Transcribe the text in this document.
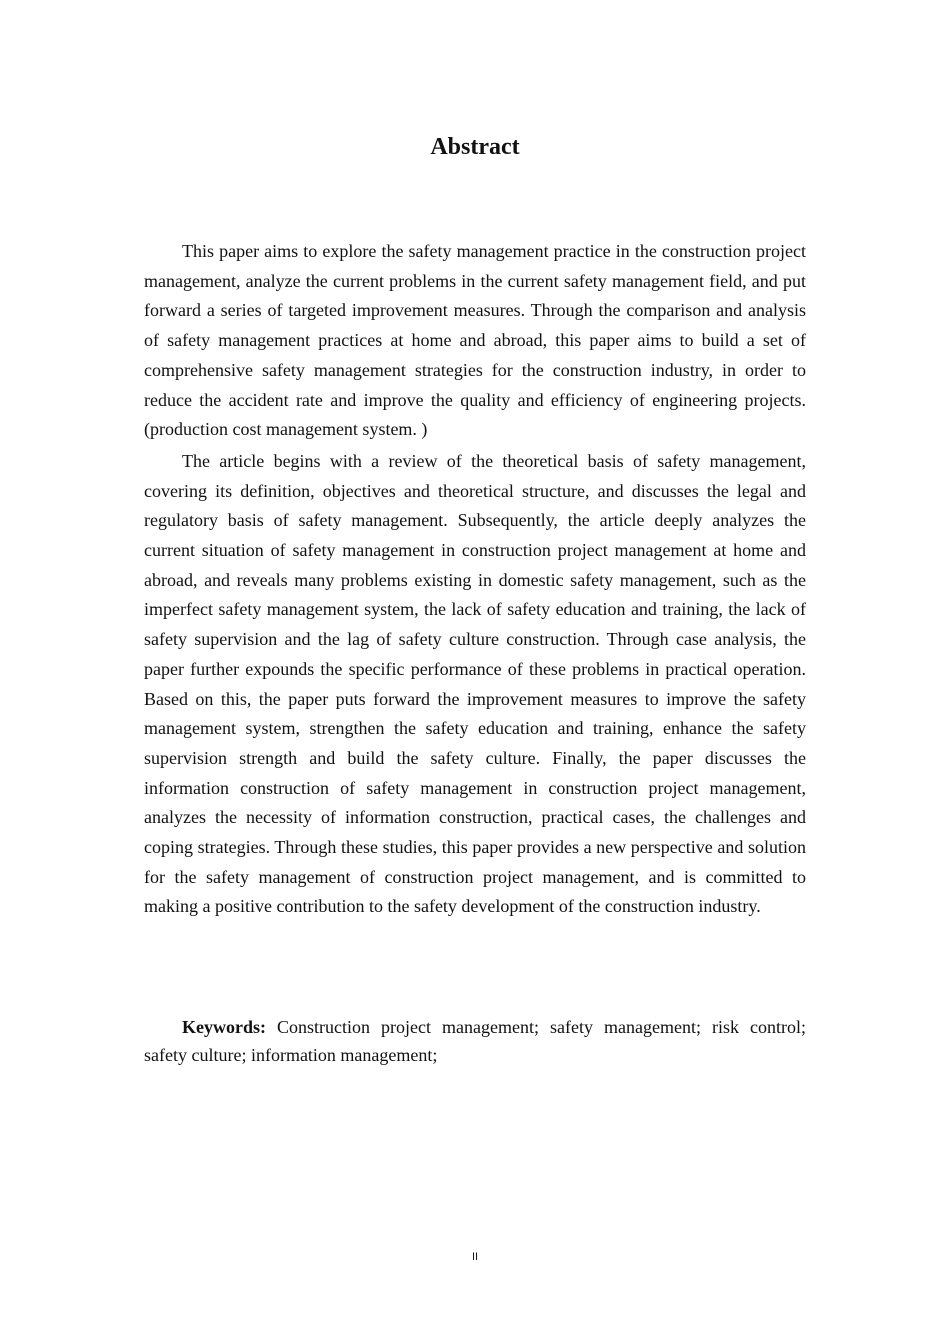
Abstract

This paper aims to explore the safety management practice in the construction project management, analyze the current problems in the current safety management field, and put forward a series of targeted improvement measures. Through the comparison and analysis of safety management practices at home and abroad, this paper aims to build a set of comprehensive safety management strategies for the construction industry, in order to reduce the accident rate and improve the quality and efficiency of engineering projects.(production cost management system. )

The article begins with a review of the theoretical basis of safety management, covering its definition, objectives and theoretical structure, and discusses the legal and regulatory basis of safety management. Subsequently, the article deeply analyzes the current situation of safety management in construction project management at home and abroad, and reveals many problems existing in domestic safety management, such as the imperfect safety management system, the lack of safety education and training, the lack of safety supervision and the lag of safety culture construction. Through case analysis, the paper further expounds the specific performance of these problems in practical operation. Based on this, the paper puts forward the improvement measures to improve the safety management system, strengthen the safety education and training, enhance the safety supervision strength and build the safety culture. Finally, the paper discusses the information construction of safety management in construction project management, analyzes the necessity of information construction, practical cases, the challenges and coping strategies. Through these studies, this paper provides a new perspective and solution for the safety management of construction project management, and is committed to making a positive contribution to the safety development of the construction industry.

Keywords: Construction project management; safety management; risk control; safety culture; information management;

II
